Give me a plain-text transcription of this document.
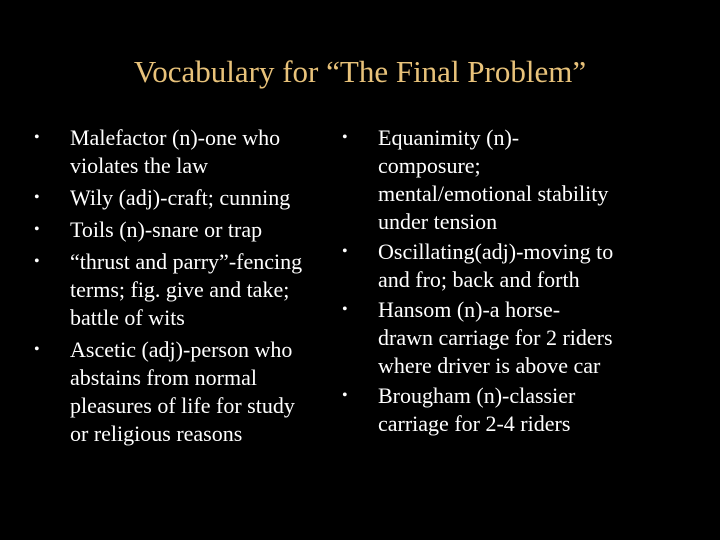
Vocabulary for “The Final Problem”
•	Malefactor (n)-one who
violates the law
•	Wily (adj)-craft; cunning
•	Toils (n)-snare or trap
•	“thrust and parry”-fencing
terms; fig. give and take;
battle of wits
•	Ascetic (adj)-person who
abstains from normal
pleasures of life for study
or religious reasons
•	Equanimity (n)-
composure;
mental/emotional stability
under tension
•	Oscillating(adj)-moving to
and fro; back and forth
•	Hansom (n)-a horse-
drawn carriage for 2 riders
where driver is above car
•	Brougham (n)-classier
carriage for 2-4 riders
